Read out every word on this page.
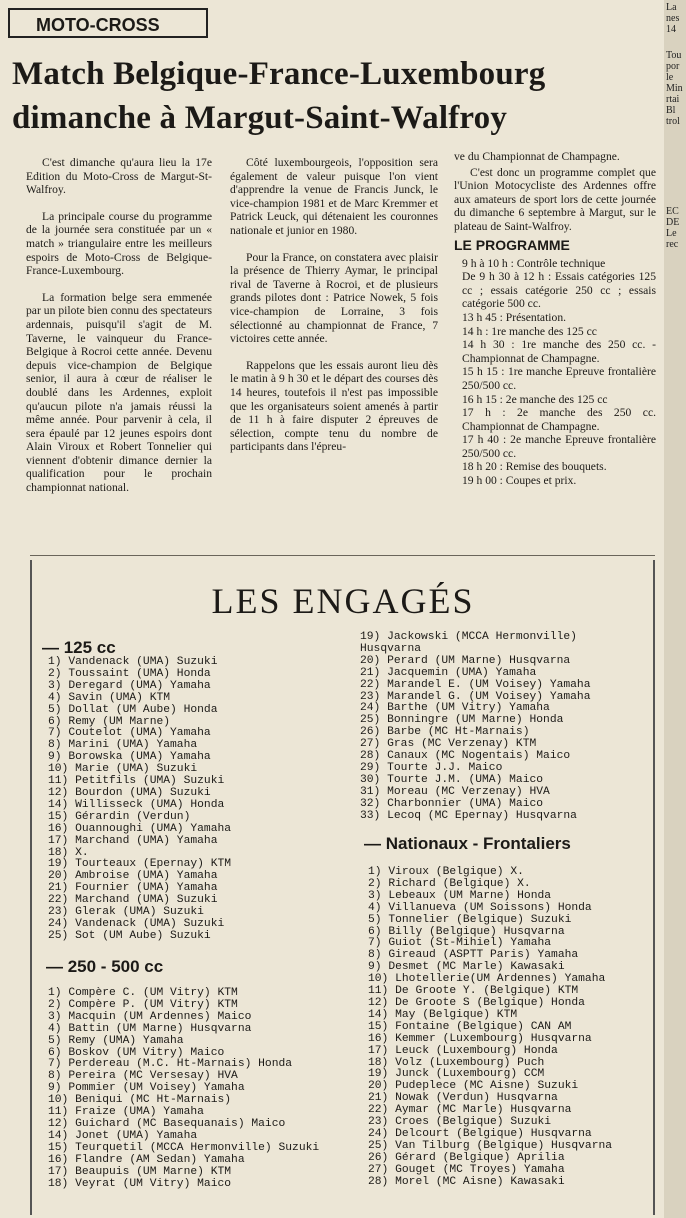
MOTO-CROSS
Match Belgique-France-Luxembourg
dimanche à Margut-Saint-Walfroy

C'est dimanche qu'aura lieu la 17e Edition du Moto-Cross de Margut-St-Walfroy.

La principale course du programme de la journée sera constituée par un « match » triangulaire entre les meilleurs espoirs de Moto-Cross de Belgique-France-Luxembourg.

La formation belge sera emmenée par un pilote bien connu des spectateurs ardennais, puisqu'il s'agit de M. Taverne, le vainqueur du France-Belgique à Rocroi cette année. Devenu depuis vice-champion de Belgique senior, il aura à cœur de réaliser le doublé dans les Ardennes, exploit qu'aucun pilote n'a jamais réussi la même année. Pour parvenir à cela, il sera épaulé par 12 jeunes espoirs dont Alain Viroux et Robert Tonnelier qui viennent d'obtenir dimance dernier la qualification pour le prochain championnat national.

Côté luxembourgeois, l'opposition sera également de valeur puisque l'on vient d'apprendre la venue de Francis Junck, le vice-champion 1981 et de Marc Kremmer et Patrick Leuck, qui détenaient les couronnes nationale et junior en 1980.

Pour la France, on constatera avec plaisir la présence de Thierry Aymar, le principal rival de Taverne à Rocroi, et de plusieurs grands pilotes dont : Patrice Nowek, 5 fois vice-champion de Lorraine, 3 fois sélectionné au championnat de France, 7 victoires cette année.

Rappelons que les essais auront lieu dès le matin à 9 h 30 et le départ des courses dès 14 heures, toutefois il n'est pas impossible que les organisateurs soient amenés à partir de 11 h à faire disputer 2 épreuves de sélection, compte tenu du nombre de participants dans l'épreu-

ve du Championnat de Champagne.

C'est donc un programme complet que l'Union Motocycliste des Ardennes offre aux amateurs de sport lors de cette journée du dimanche 6 septembre à Margut, sur le plateau de Saint-Walfroy.

LE PROGRAMME
9 h à 10 h : Contrôle technique
De 9 h 30 à 12 h : Essais catégories 125 cc ; essais catégorie 250 cc ; essais catégorie 500 cc.
13 h 45 : Présentation.
14 h : 1re manche des 125 cc
14 h 30 : 1re manche des 250 cc. - Championnat de Champagne.
15 h 15 : 1re manche Epreuve frontalière 250/500 cc.
16 h 15 : 2e manche des 125 cc
17 h : 2e manche des 250 cc. Championnat de Champagne.
17 h 40 : 2e manche Epreuve frontalière 250/500 cc.
18 h 20 : Remise des bouquets.
19 h 00 : Coupes et prix.
LES ENGAGÉS
— 125 cc
1) Vandenack (UMA) Suzuki
2) Toussaint (UMA) Honda
3) Deregard (UMA) Yamaha
4) Savin (UMA) KTM
5) Dollat (UM Aube) Honda
6) Remy (UM Marne)
7) Coutelot (UMA) Yamaha
8) Marini (UMA) Yamaha
9) Borowska (UMA) Yamaha
10) Marie (UMA) Suzuki
11) Petitfils (UMA) Suzuki
12) Bourdon (UMA) Suzuki
14) Willisseck (UMA) Honda
15) Gérardin (Verdun)
16) Ouannoughi (UMA) Yamaha
17) Marchand (UMA) Yamaha
18) X.
19) Tourteaux (Epernay) KTM
20) Ambroise (UMA) Yamaha
21) Fournier (UMA) Yamaha
22) Marchand (UMA) Suzuki
23) Glerak (UMA) Suzuki
24) Vandenack (UMA) Suzuki
25) Sot (UM Aube) Suzuki
— 250 - 500 cc
1) Compère C. (UM Vitry) KTM
2) Compère P. (UM Vitry) KTM
3) Macquin (UM Ardennes) Maico
4) Battin (UM Marne) Husqvarna
5) Remy (UMA) Yamaha
6) Boskov (UM Vitry) Maico
7) Perdereau (M.C. Ht-Marnais) Honda
8) Pereira (MC Versesay) HVA
9) Pommier (UM Voisey) Yamaha
10) Beniqui (MC Ht-Marnais)
11) Fraize (UMA) Yamaha
12) Guichard (MC Basequanais) Maico
14) Jonet (UMA) Yamaha
15) Teurquetil (MCCA Hermonville) Suzuki
16) Flandre (AM Sedan) Yamaha
17) Beaupuis (UM Marne) KTM
18) Veyrat (UM Vitry) Maico
19) Jackowski (MCCA Hermonville)
Husqvarna
20) Perard (UM Marne) Husqvarna
21) Jacquemin (UMA) Yamaha
22) Marandel E. (UM Voisey) Yamaha
23) Marandel G. (UM Voisey) Yamaha
24) Barthe (UM Vitry) Yamaha
25) Bonningre (UM Marne) Honda
26) Barbe (MC Ht-Marnais)
27) Gras (MC Verzenay) KTM
28) Canaux (MC Nogentais) Maico
29) Tourte J.J. Maico
30) Tourte J.M. (UMA) Maico
31) Moreau (MC Verzenay) HVA
32) Charbonnier (UMA) Maico
33) Lecoq (MC Epernay) Husqvarna
— Nationaux - Frontaliers
1) Viroux (Belgique) X.
2) Richard (Belgique) X.
3) Lebeaux (UM Marne) Honda
4) Villanueva (UM Soissons) Honda
5) Tonnelier (Belgique) Suzuki
6) Billy (Belgique) Husqvarna
7) Guiot (St-Mihiel) Yamaha
8) Gireaud (ASPTT Paris) Yamaha
9) Desmet (MC Marle) Kawasaki
10) Lhotellerie(UM Ardennes) Yamaha
11) De Groote Y. (Belgique) KTM
12) De Groote S (Belgique) Honda
14) May (Belgique) KTM
15) Fontaine (Belgique) CAN AM
16) Kemmer (Luxembourg) Husqvarna
17) Leuck (Luxembourg) Honda
18) Volz (Luxembourg) Puch
19) Junck (Luxembourg) CCM
20) Pudeplece (MC Aisne) Suzuki
21) Nowak (Verdun) Husqvarna
22) Aymar (MC Marle) Husqvarna
23) Croes (Belgique) Suzuki
24) Delcourt (Belgique) Husqvarna
25) Van Tilburg (Belgique) Husqvarna
26) Gérard (Belgique) Aprilia
27) Gouget (MC Troyes) Yamaha
28) Morel (MC Aisne) Kawasaki
La
nes
14
Tou
por
le
Min
rtai
Bl
trol
EC
DE
Le
rec
